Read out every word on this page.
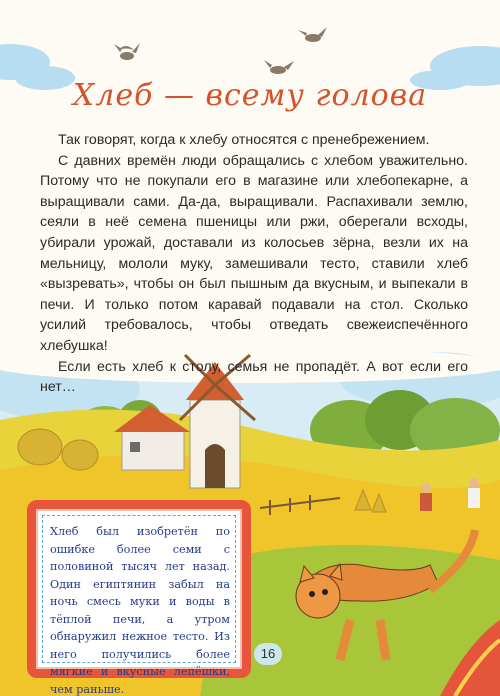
Хлеб — всему голова

Так говорят, когда к хлебу относятся с пренебрежением.

С давних времён люди обращались с хлебом уважительно. Потому что не покупали его в магазине или хлебопекарне, а выращивали сами. Да-да, выращивали. Распахивали землю, сеяли в неё семена пшеницы или ржи, оберегали всходы, убирали урожай, доставали из колосьев зёрна, везли их на мельницу, мололи муку, замешивали тесто, ставили хлеб «вызревать», чтобы он был пышным да вкусным, и выпекали в печи. И только потом каравай подавали на стол. Сколько усилий требовалось, чтобы отведать свежеиспечённого хлебушка!

Если есть хлеб к столу, семья не пропадёт. А вот если его нет…

Хлеб был изобретён по ошибке более семи с половиной тысяч лет назад. Один египтянин забыл на ночь смесь муки и воды в тёплой печи, а утром обнаружил нежное тесто. Из него получились более мягкие и вкусные лепёшки, чем раньше.

16
